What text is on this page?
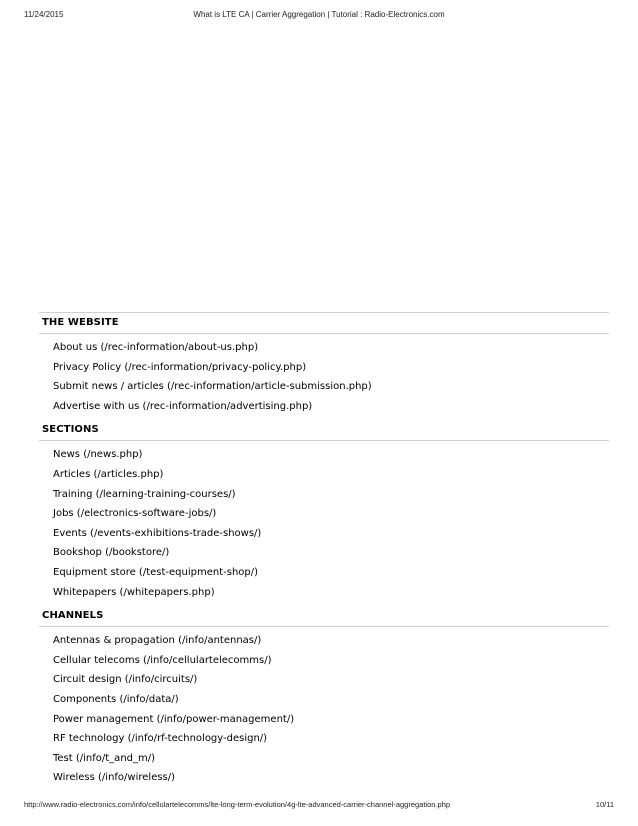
11/24/2015	What is LTE CA | Carrier Aggregation | Tutorial : Radio-Electronics.com
THE WEBSITE
About us (/rec-information/about-us.php)
Privacy Policy (/rec-information/privacy-policy.php)
Submit news / articles (/rec-information/article-submission.php)
Advertise with us (/rec-information/advertising.php)
SECTIONS
News (/news.php)
Articles (/articles.php)
Training (/learning-training-courses/)
Jobs (/electronics-software-jobs/)
Events (/events-exhibitions-trade-shows/)
Bookshop (/bookstore/)
Equipment store (/test-equipment-shop/)
Whitepapers (/whitepapers.php)
CHANNELS
Antennas & propagation (/info/antennas/)
Cellular telecoms (/info/cellulartelecomms/)
Circuit design (/info/circuits/)
Components (/info/data/)
Power management (/info/power-management/)
RF technology (/info/rf-technology-design/)
Test (/info/t_and_m/)
Wireless (/info/wireless/)
http://www.radio-electronics.com/info/cellulartelecomms/lte-long-term-evolution/4g-lte-advanced-carrier-channel-aggregation.php	10/11
